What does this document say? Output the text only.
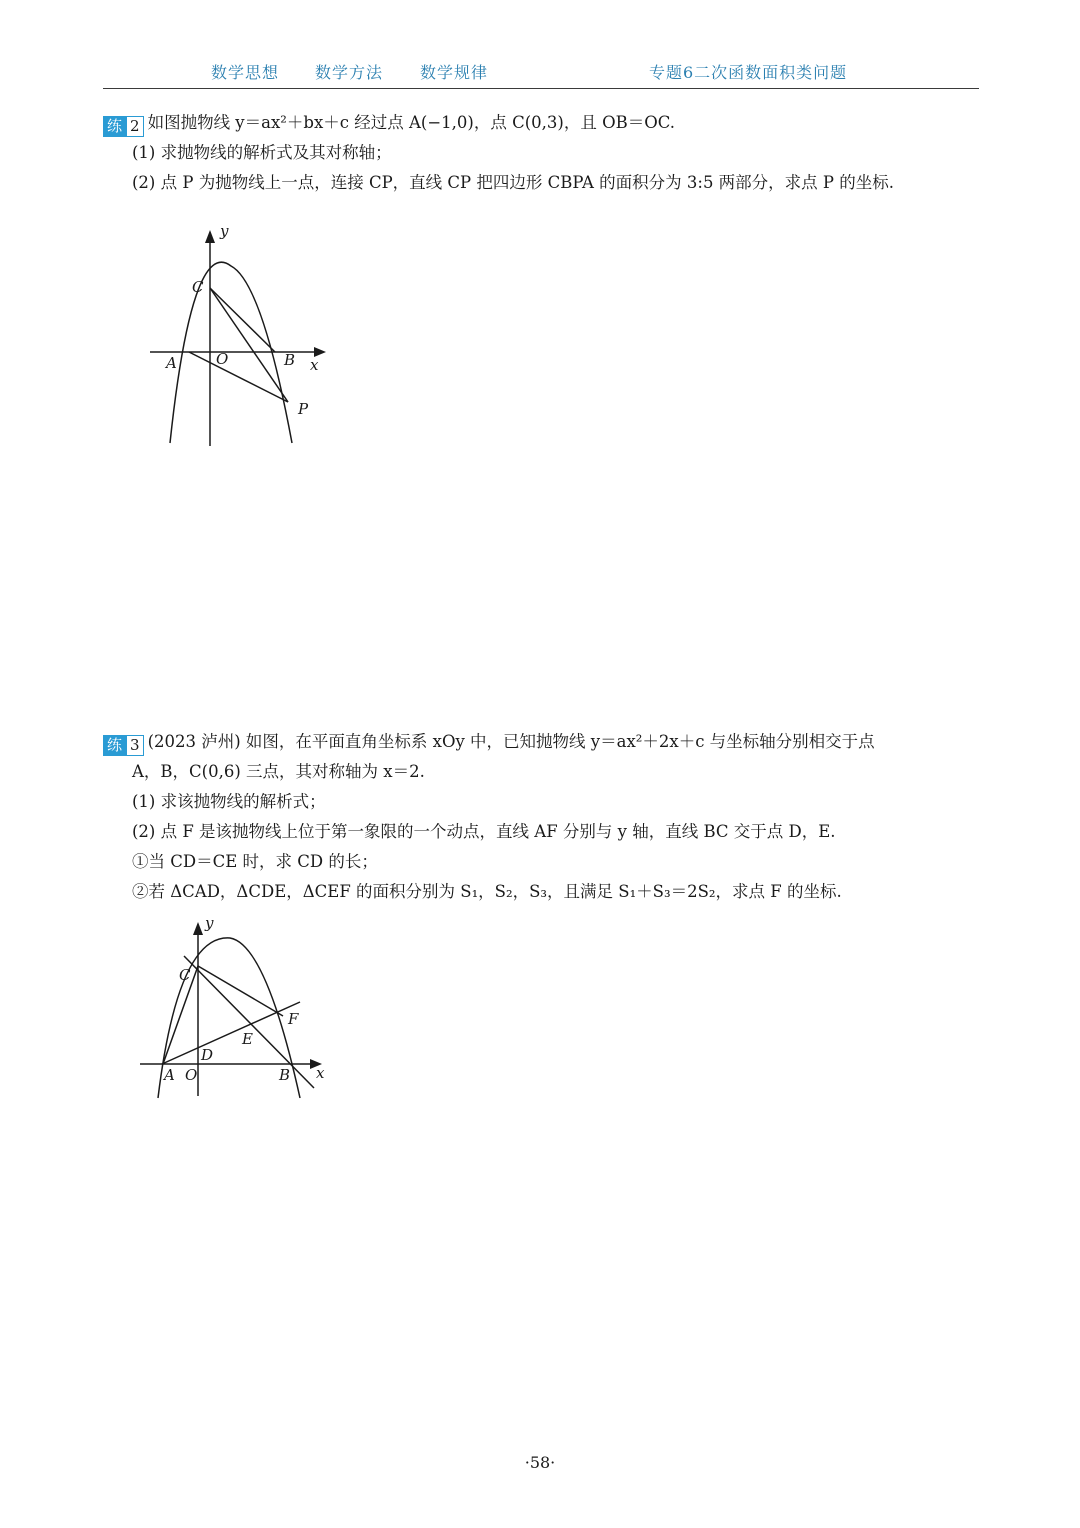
数学思想 数学方法 数学规律	专题6二次函数面积类问题
练 2 如图抛物线 y＝ax²＋bx＋c 经过点 A(−1,0)，点 C(0,3)，且 OB＝OC.
(1) 求抛物线的解析式及其对称轴；
(2) 点 P 为抛物线上一点，连接 CP，直线 CP 把四边形 CBPA 的面积分为 3:5 两部分，求点 P 的坐标.
y
x
C
A	O	B
P
练 3 (2023 泸州) 如图，在平面直角坐标系 xOy 中，已知抛物线 y＝ax²＋2x＋c 与坐标轴分别相交于点
A，B，C(0,6) 三点，其对称轴为 x＝2.
(1) 求该抛物线的解析式；
(2) 点 F 是该抛物线上位于第一象限的一个动点，直线 AF 分别与 y 轴，直线 BC 交于点 D，E.
①当 CD＝CE 时，求 CD 的长；
②若 ΔCAD，ΔCDE，ΔCEF 的面积分别为 S₁，S₂，S₃，且满足 S₁＋S₃＝2S₂，求点 F 的坐标.
y
x
C
F
E
D
A O	B
·58·
